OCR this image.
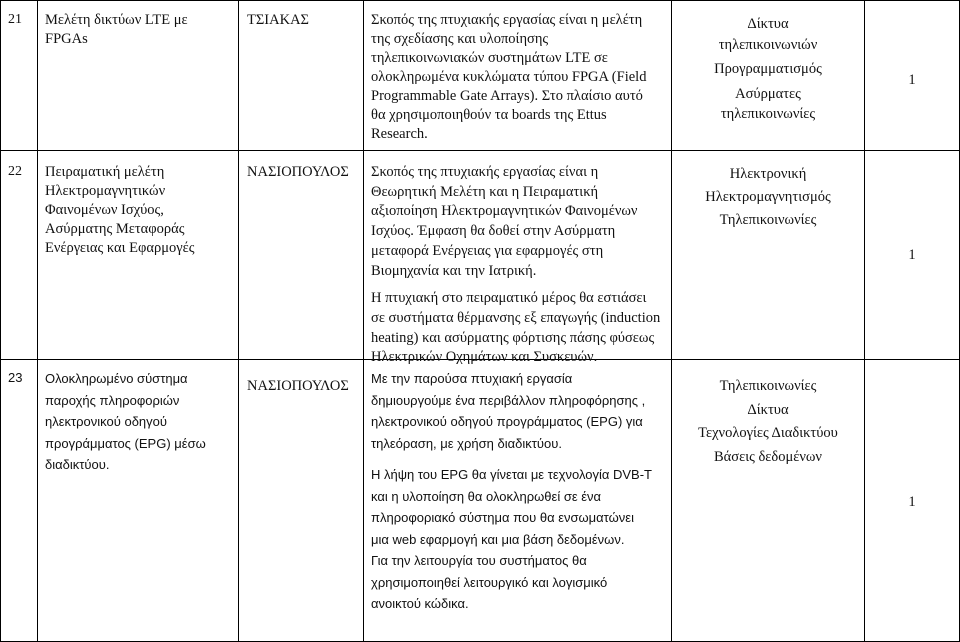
21 Μελέτη δικτύων LTE με
FPGAs
ΤΣΙΑΚΑΣ	Σκοπός της πτυχιακής εργασίας είναι η μελέτη
της σχεδίασης και υλοποίησης
τηλεπικοινωνιακών συστημάτων LTE σε
ολοκληρωμένα κυκλώματα τύπου FPGA (Field
Programmable Gate Arrays). Στο πλαίσιο αυτό
θα χρησιμοποιηθούν τα boards της Ettus
Research.
Δίκτυα
τηλεπικοινωνιών
Προγραμματισμός
Ασύρματες
τηλεπικοινωνίες
1
22 Πειραματική μελέτη
Ηλεκτρομαγνητικών
Φαινομένων Ισχύος,
Ασύρματης Μεταφοράς
Ενέργειας και Εφαρμογές
ΝΑΣΙΟΠΟΥΛΟΣ Σκοπός της πτυχιακής εργασίας είναι η
Θεωρητική Μελέτη και η Πειραματική
αξιοποίηση Ηλεκτρομαγνητικών Φαινομένων
Ισχύος. Έμφαση θα δοθεί στην Ασύρματη
μεταφορά Ενέργειας για εφαρμογές στη
Βιομηχανία και την Ιατρική.
Η πτυχιακή στο πειραματικό μέρος θα εστιάσει
σε συστήματα θέρμανσης εξ επαγωγής (induction
heating) και ασύρματης φόρτισης πάσης φύσεως
Ηλεκτρικών Οχημάτων και Συσκευών.
Ηλεκτρονική
Ηλεκτρομαγνητισμός
Τηλεπικοινωνίες
1
23 Ολοκληρωμένο σύστημα
παροχής πληροφοριών
ηλεκτρονικού οδηγού
προγράμματος (EPG) μέσω
διαδικτύου.
ΝΑΣΙΟΠΟΥΛΟΣ Με την παρούσα πτυχιακή εργασία
δημιουργούμε ένα περιβάλλον πληροφόρησης ,
ηλεκτρονικού οδηγού προγράμματος (EPG) για
τηλεόραση, με χρήση διαδικτύου.
Η λήψη του EPG θα γίνεται με τεχνολογία DVB-T
και η υλοποίηση θα ολοκληρωθεί σε ένα
πληροφοριακό σύστημα που θα ενσωματώνει
μια web εφαρμογή και μια βάση δεδομένων.
Για την λειτουργία του συστήματος θα
χρησιμοποιηθεί λειτουργικό και λογισμικό
ανοικτού κώδικα.
Τηλεπικοινωνίες
Δίκτυα
Τεχνολογίες Διαδικτύου
Βάσεις δεδομένων
1
